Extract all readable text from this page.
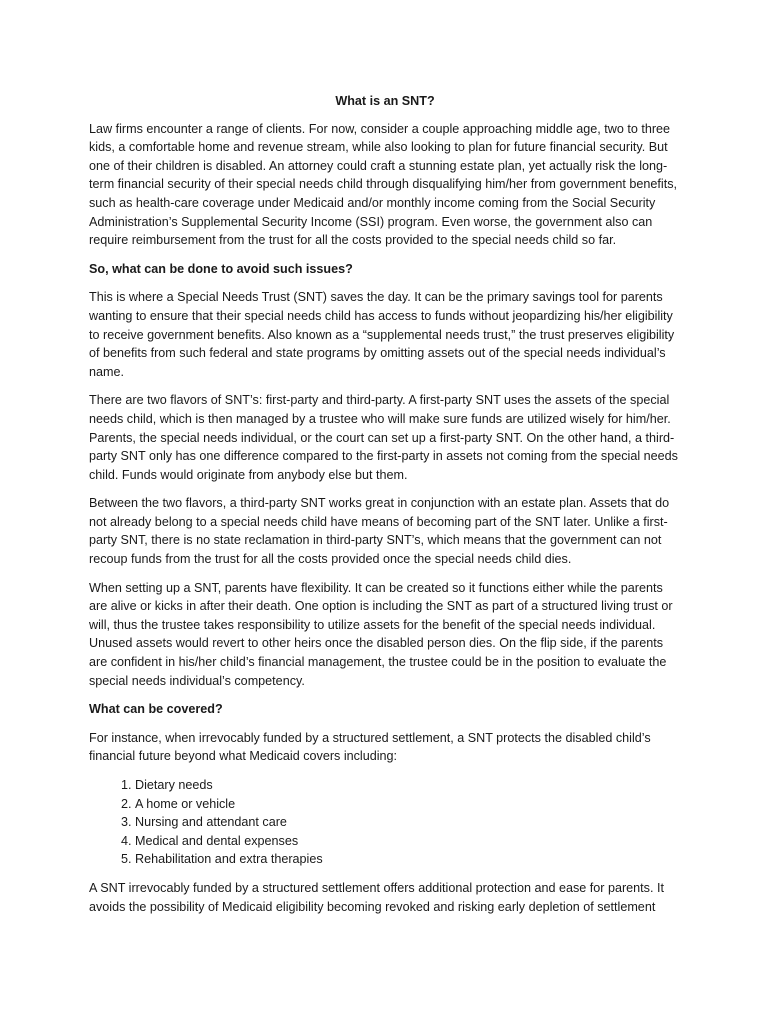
What is an SNT?

Law firms encounter a range of clients. For now, consider a couple approaching middle age, two to three kids, a comfortable home and revenue stream, while also looking to plan for future financial security. But one of their children is disabled. An attorney could craft a stunning estate plan, yet actually risk the long-term financial security of their special needs child through disqualifying him/her from government benefits, such as health-care coverage under Medicaid and/or monthly income coming from the Social Security Administration’s Supplemental Security Income (SSI) program. Even worse, the government also can require reimbursement from the trust for all the costs provided to the special needs child so far.

So, what can be done to avoid such issues?

This is where a Special Needs Trust (SNT) saves the day. It can be the primary savings tool for parents wanting to ensure that their special needs child has access to funds without jeopardizing his/her eligibility to receive government benefits. Also known as a “supplemental needs trust,” the trust preserves eligibility of benefits from such federal and state programs by omitting assets out of the special needs individual’s name.

There are two flavors of SNT’s: first-party and third-party. A first-party SNT uses the assets of the special needs child, which is then managed by a trustee who will make sure funds are utilized wisely for him/her. Parents, the special needs individual, or the court can set up a first-party SNT. On the other hand, a third-party SNT only has one difference compared to the first-party in assets not coming from the special needs child. Funds would originate from anybody else but them.

Between the two flavors, a third-party SNT works great in conjunction with an estate plan. Assets that do not already belong to a special needs child have means of becoming part of the SNT later. Unlike a first-party SNT, there is no state reclamation in third-party SNT’s, which means that the government can not recoup funds from the trust for all the costs provided once the special needs child dies.

When setting up a SNT, parents have flexibility. It can be created so it functions either while the parents are alive or kicks in after their death. One option is including the SNT as part of a structured living trust or will, thus the trustee takes responsibility to utilize assets for the benefit of the special needs individual. Unused assets would revert to other heirs once the disabled person dies. On the flip side, if the parents are confident in his/her child’s financial management, the trustee could be in the position to evaluate the special needs individual’s competency.

What can be covered?

For instance, when irrevocably funded by a structured settlement, a SNT protects the disabled child’s financial future beyond what Medicaid covers including:

1. Dietary needs
2. A home or vehicle
3. Nursing and attendant care
4. Medical and dental expenses
5. Rehabilitation and extra therapies

A SNT irrevocably funded by a structured settlement offers additional protection and ease for parents. It avoids the possibility of Medicaid eligibility becoming revoked and risking early depletion of settlement
